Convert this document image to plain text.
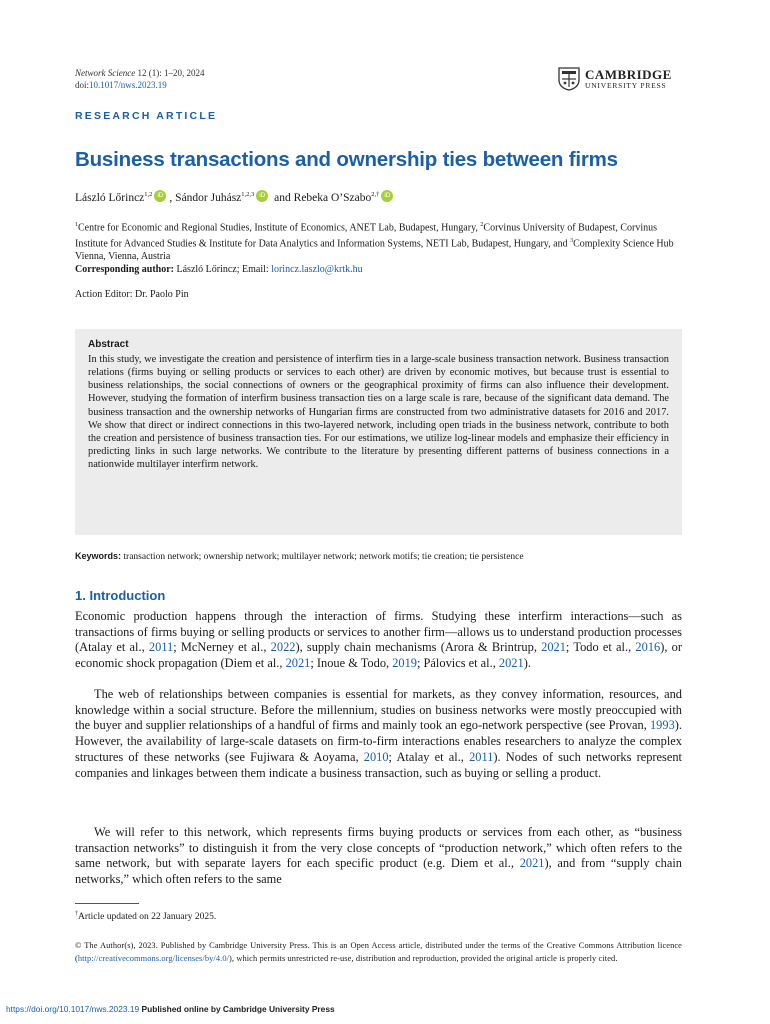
Network Science 12 (1): 1–20, 2024
doi:10.1017/nws.2023.19
CAMBRIDGE
UNIVERSITY PRESS
RESEARCH ARTICLE
Business transactions and ownership ties between firms
László Lőrincz$^{1,2}$ iD , Sándor Juhász$^{1,2,3}$ iD and Rebeka O’Szabo$^{2,\dagger}$ iD
$^1$Centre for Economic and Regional Studies, Institute of Economics, ANET Lab, Budapest, Hungary, $^2$Corvinus University of Budapest, Corvinus Institute for Advanced Studies & Institute for Data Analytics and Information Systems, NETI Lab, Budapest, Hungary, and $^3$Complexity Science Hub Vienna, Vienna, Austria
Corresponding author: László Lőrincz; Email: lorincz.laszlo@krtk.hu
Action Editor: Dr. Paolo Pin
Abstract
In this study, we investigate the creation and persistence of interfirm ties in a large-scale business transaction network. Business transaction relations (firms buying or selling products or services to each other) are driven by economic motives, but because trust is essential to business relationships, the social connections of owners or the geographical proximity of firms can also influence their development. However, studying the formation of interfirm business transaction ties on a large scale is rare, because of the significant data demand. The business transaction and the ownership networks of Hungarian firms are constructed from two administrative datasets for 2016 and 2017. We show that direct or indirect connections in this two-layered network, including open triads in the business network, contribute to both the creation and persistence of business transaction ties. For our estimations, we utilize log-linear models and emphasize their efficiency in predicting links in such large networks. We contribute to the literature by presenting different patterns of business connections in a nationwide multilayer interfirm network.
Keywords: transaction network; ownership network; multilayer network; network motifs; tie creation; tie persistence
1. Introduction
Economic production happens through the interaction of firms. Studying these interfirm interactions—such as transactions of firms buying or selling products or services to another firm—allows us to understand production processes (Atalay et al., 2011; McNerney et al., 2022), supply chain mechanisms (Arora & Brintrup, 2021; Todo et al., 2016), or economic shock propagation (Diem et al., 2021; Inoue & Todo, 2019; Pálovics et al., 2021).
The web of relationships between companies is essential for markets, as they convey information, resources, and knowledge within a social structure. Before the millennium, studies on business networks were mostly preoccupied with the buyer and supplier relationships of a handful of firms and mainly took an ego-network perspective (see Provan, 1993). However, the availability of large-scale datasets on firm-to-firm interactions enables researchers to analyze the complex structures of these networks (see Fujiwara & Aoyama, 2010; Atalay et al., 2011). Nodes of such networks represent companies and linkages between them indicate a business transaction, such as buying or selling a product.
We will refer to this network, which represents firms buying products or services from each other, as “business transaction networks” to distinguish it from the very close concepts of “production network,” which often refers to the same network, but with separate layers for each specific product (e.g. Diem et al., 2021), and from “supply chain networks,” which often refers to the same
†Article updated on 22 January 2025.
© The Author(s), 2023. Published by Cambridge University Press. This is an Open Access article, distributed under the terms of the Creative Commons Attribution licence (http://creativecommons.org/licenses/by/4.0/), which permits unrestricted re-use, distribution and reproduction, provided the original article is properly cited.
https://doi.org/10.1017/nws.2023.19 Published online by Cambridge University Press
